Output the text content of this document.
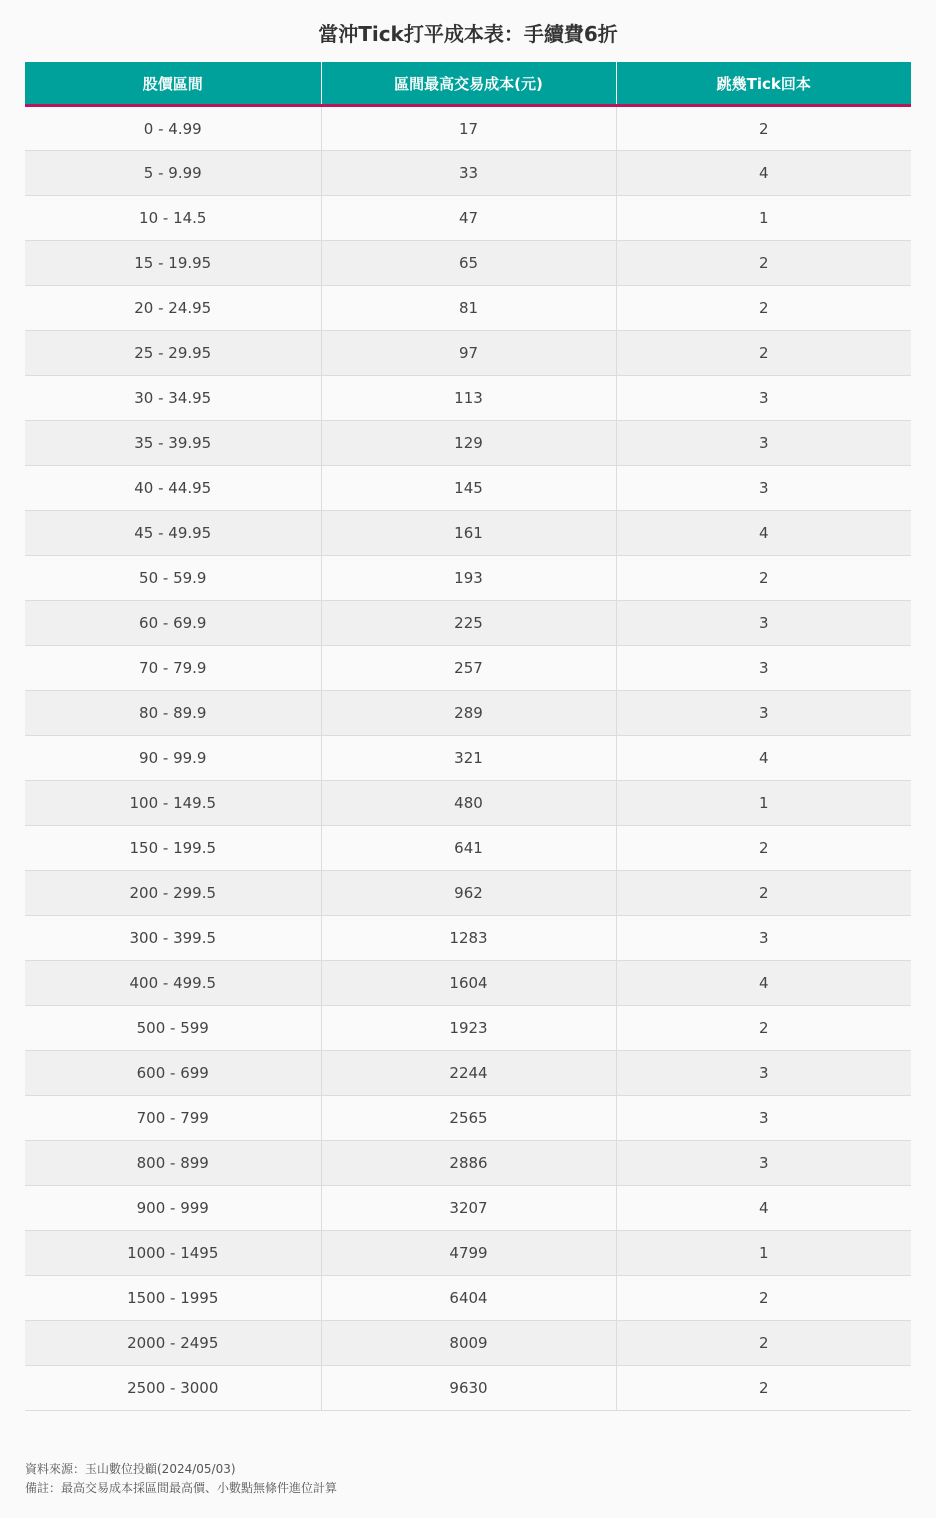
當沖Tick打平成本表：手續費6折
股價區間	區間最高交易成本(元)	跳幾Tick回本
0 - 4.99	17	2
5 - 9.99	33	4
10 - 14.5	47	1
15 - 19.95	65	2
20 - 24.95	81	2
25 - 29.95	97	2
30 - 34.95	113	3
35 - 39.95	129	3
40 - 44.95	145	3
45 - 49.95	161	4
50 - 59.9	193	2
60 - 69.9	225	3
70 - 79.9	257	3
80 - 89.9	289	3
90 - 99.9	321	4
100 - 149.5	480	1
150 - 199.5	641	2
200 - 299.5	962	2
300 - 399.5	1283	3
400 - 499.5	1604	4
500 - 599	1923	2
600 - 699	2244	3
700 - 799	2565	3
800 - 899	2886	3
900 - 999	3207	4
1000 - 1495	4799	1
1500 - 1995	6404	2
2000 - 2495	8009	2
2500 - 3000	9630	2
資料來源：玉山數位投顧(2024/05/03)
備註：最高交易成本採區間最高價、小數點無條件進位計算
